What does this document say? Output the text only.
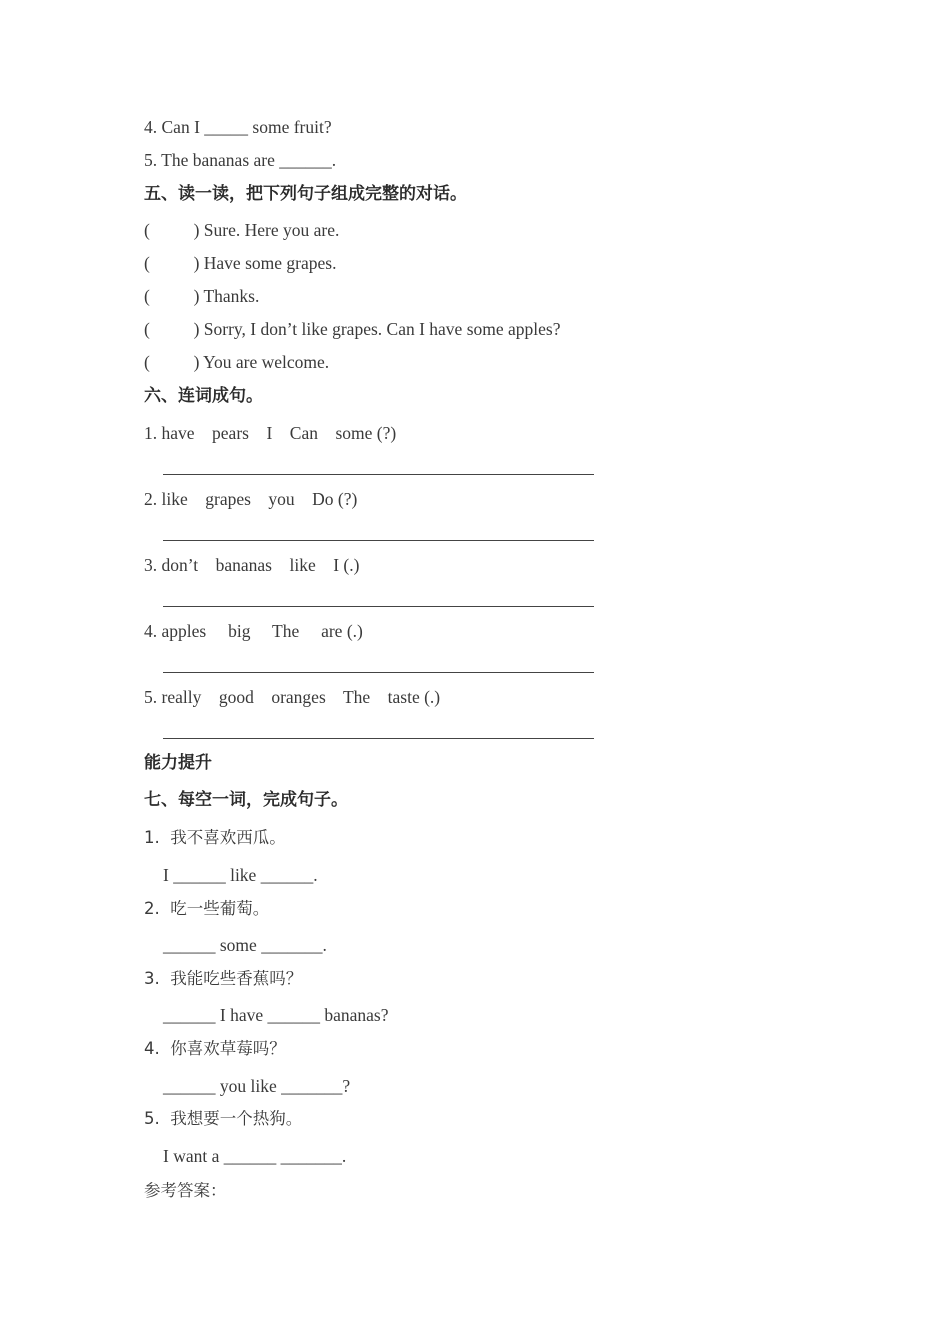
4. Can I _____ some fruit?
5. The bananas are ______.
五、读一读，把下列句子组成完整的对话。
(          ) Sure. Here you are.
(          ) Have some grapes.
(          ) Thanks.
(          ) Sorry, I don’t like grapes. Can I have some apples?
(          ) You are welcome.
六、连词成句。
1. have    pears    I    Can    some (?)
2. like    grapes    you    Do (?)
3. don’t    bananas    like    I (.)
4. apples     big     The     are (.)
5. really    good    oranges    The    taste (.)
能力提升
七、每空一词，完成句子。
1.  我不喜欢西瓜。
I ______ like ______.
2.  吃一些葡萄。
______ some _______.
3.  我能吃些香蕉吗？
______ I have ______ bananas?
4.  你喜欢草莓吗？
______ you like _______?
5.  我想要一个热狗。
I want a ______ _______.
参考答案：
